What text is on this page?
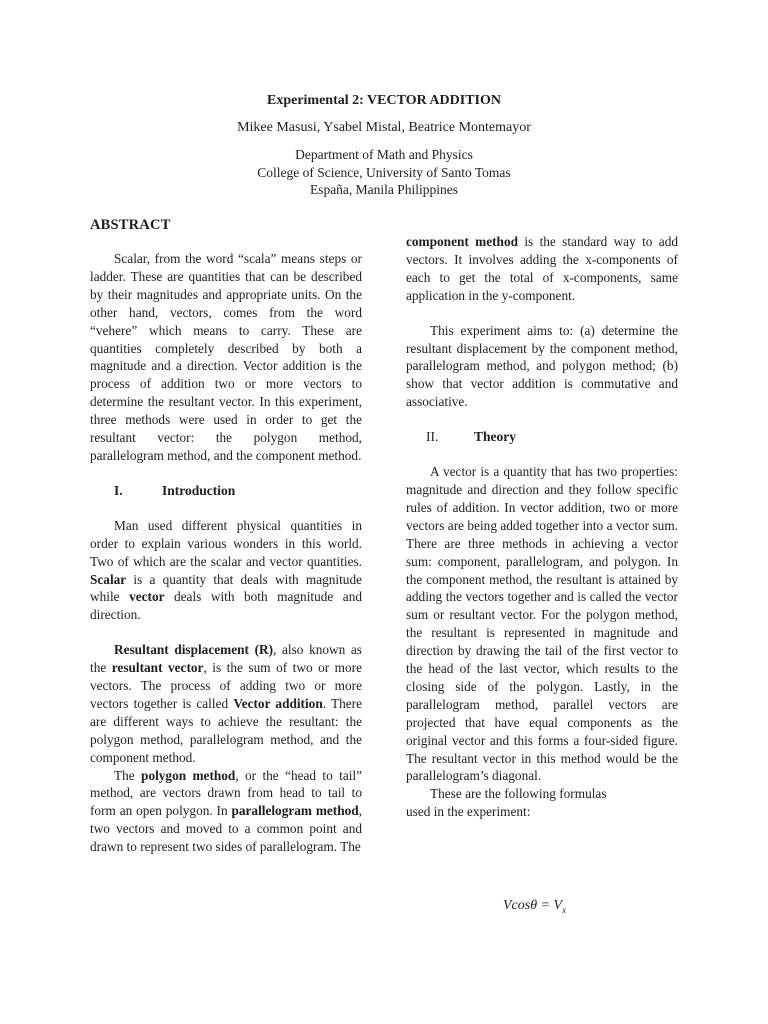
Experimental 2: VECTOR ADDITION
Mikee Masusi, Ysabel Mistal, Beatrice Montemayor
Department of Math and Physics
College of Science, University of Santo Tomas
España, Manila Philippines
ABSTRACT

Scalar, from the word “scala” means steps or ladder. These are quantities that can be described by their magnitudes and appropriate units. On the other hand, vectors, comes from the word “vehere” which means to carry. These are quantities completely described by both a magnitude and a direction. Vector addition is the process of addition two or more vectors to determine the resultant vector. In this experiment, three methods were used in order to get the resultant vector: the polygon method, parallelogram method, and the component method.

I.	Introduction

Man used different physical quantities in order to explain various wonders in this world. Two of which are the scalar and vector quantities. Scalar is a quantity that deals with magnitude while vector deals with both magnitude and direction.

Resultant displacement (R), also known as the resultant vector, is the sum of two or more vectors. The process of adding two or more vectors together is called Vector addition. There are different ways to achieve the resultant: the polygon method, parallelogram method, and the component method.

The polygon method, or the “head to tail” method, are vectors drawn from head to tail to form an open polygon. In parallelogram method, two vectors and moved to a common point and drawn to represent two sides of parallelogram. The

component method is the standard way to add vectors. It involves adding the x-components of each to get the total of x-components, same application in the y-component.

This experiment aims to: (a) determine the resultant displacement by the component method, parallelogram method, and polygon method; (b) show that vector addition is commutative and associative.

II.	Theory

A vector is a quantity that has two properties: magnitude and direction and they follow specific rules of addition. In vector addition, two or more vectors are being added together into a vector sum. There are three methods in achieving a vector sum: component, parallelogram, and polygon. In the component method, the resultant is attained by adding the vectors together and is called the vector sum or resultant vector. For the polygon method, the resultant is represented in magnitude and direction by drawing the tail of the first vector to the head of the last vector, which results to the closing side of the polygon. Lastly, in the parallelogram method, parallel vectors are projected that have equal components as the original vector and this forms a four-sided figure. The resultant vector in this method would be the parallelogram’s diagonal.

These are the following formulas
used in the experiment:
$Vcos\theta = V_x$
